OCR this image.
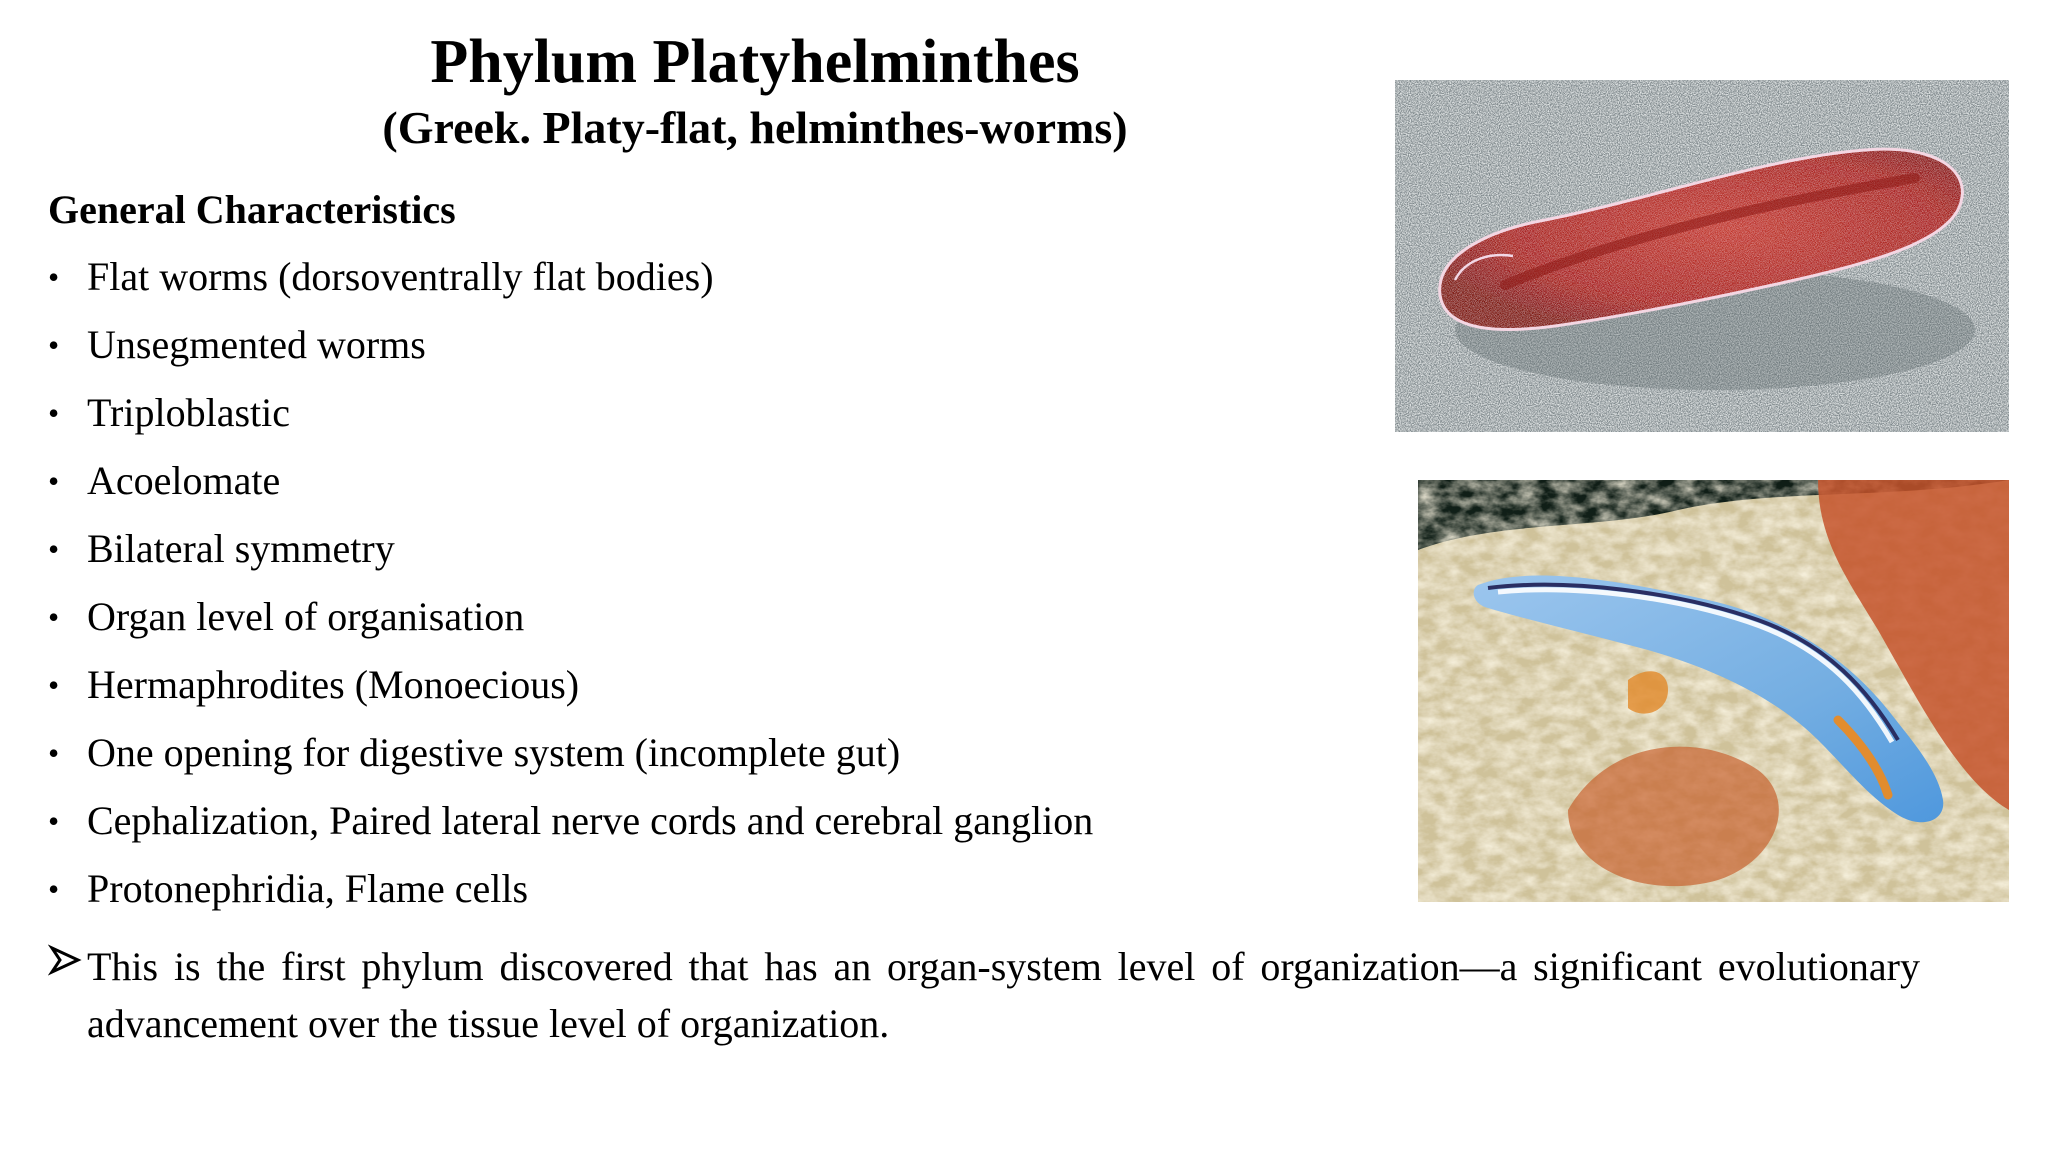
Phylum Platyhelminthes
(Greek. Platy-flat, helminthes-worms)
General Characteristics
• Flat worms (dorsoventrally flat bodies)
• Unsegmented worms
• Triploblastic
• Acoelomate
• Bilateral symmetry
• Organ level of organisation
• Hermaphrodites (Monoecious)
• One opening for digestive system (incomplete gut)
• Cephalization, Paired lateral nerve cords and cerebral ganglion
• Protonephridia, Flame cells
This is the first phylum discovered that has an organ-system level of organization—a significant evolutionary advancement over the tissue level of organization.
